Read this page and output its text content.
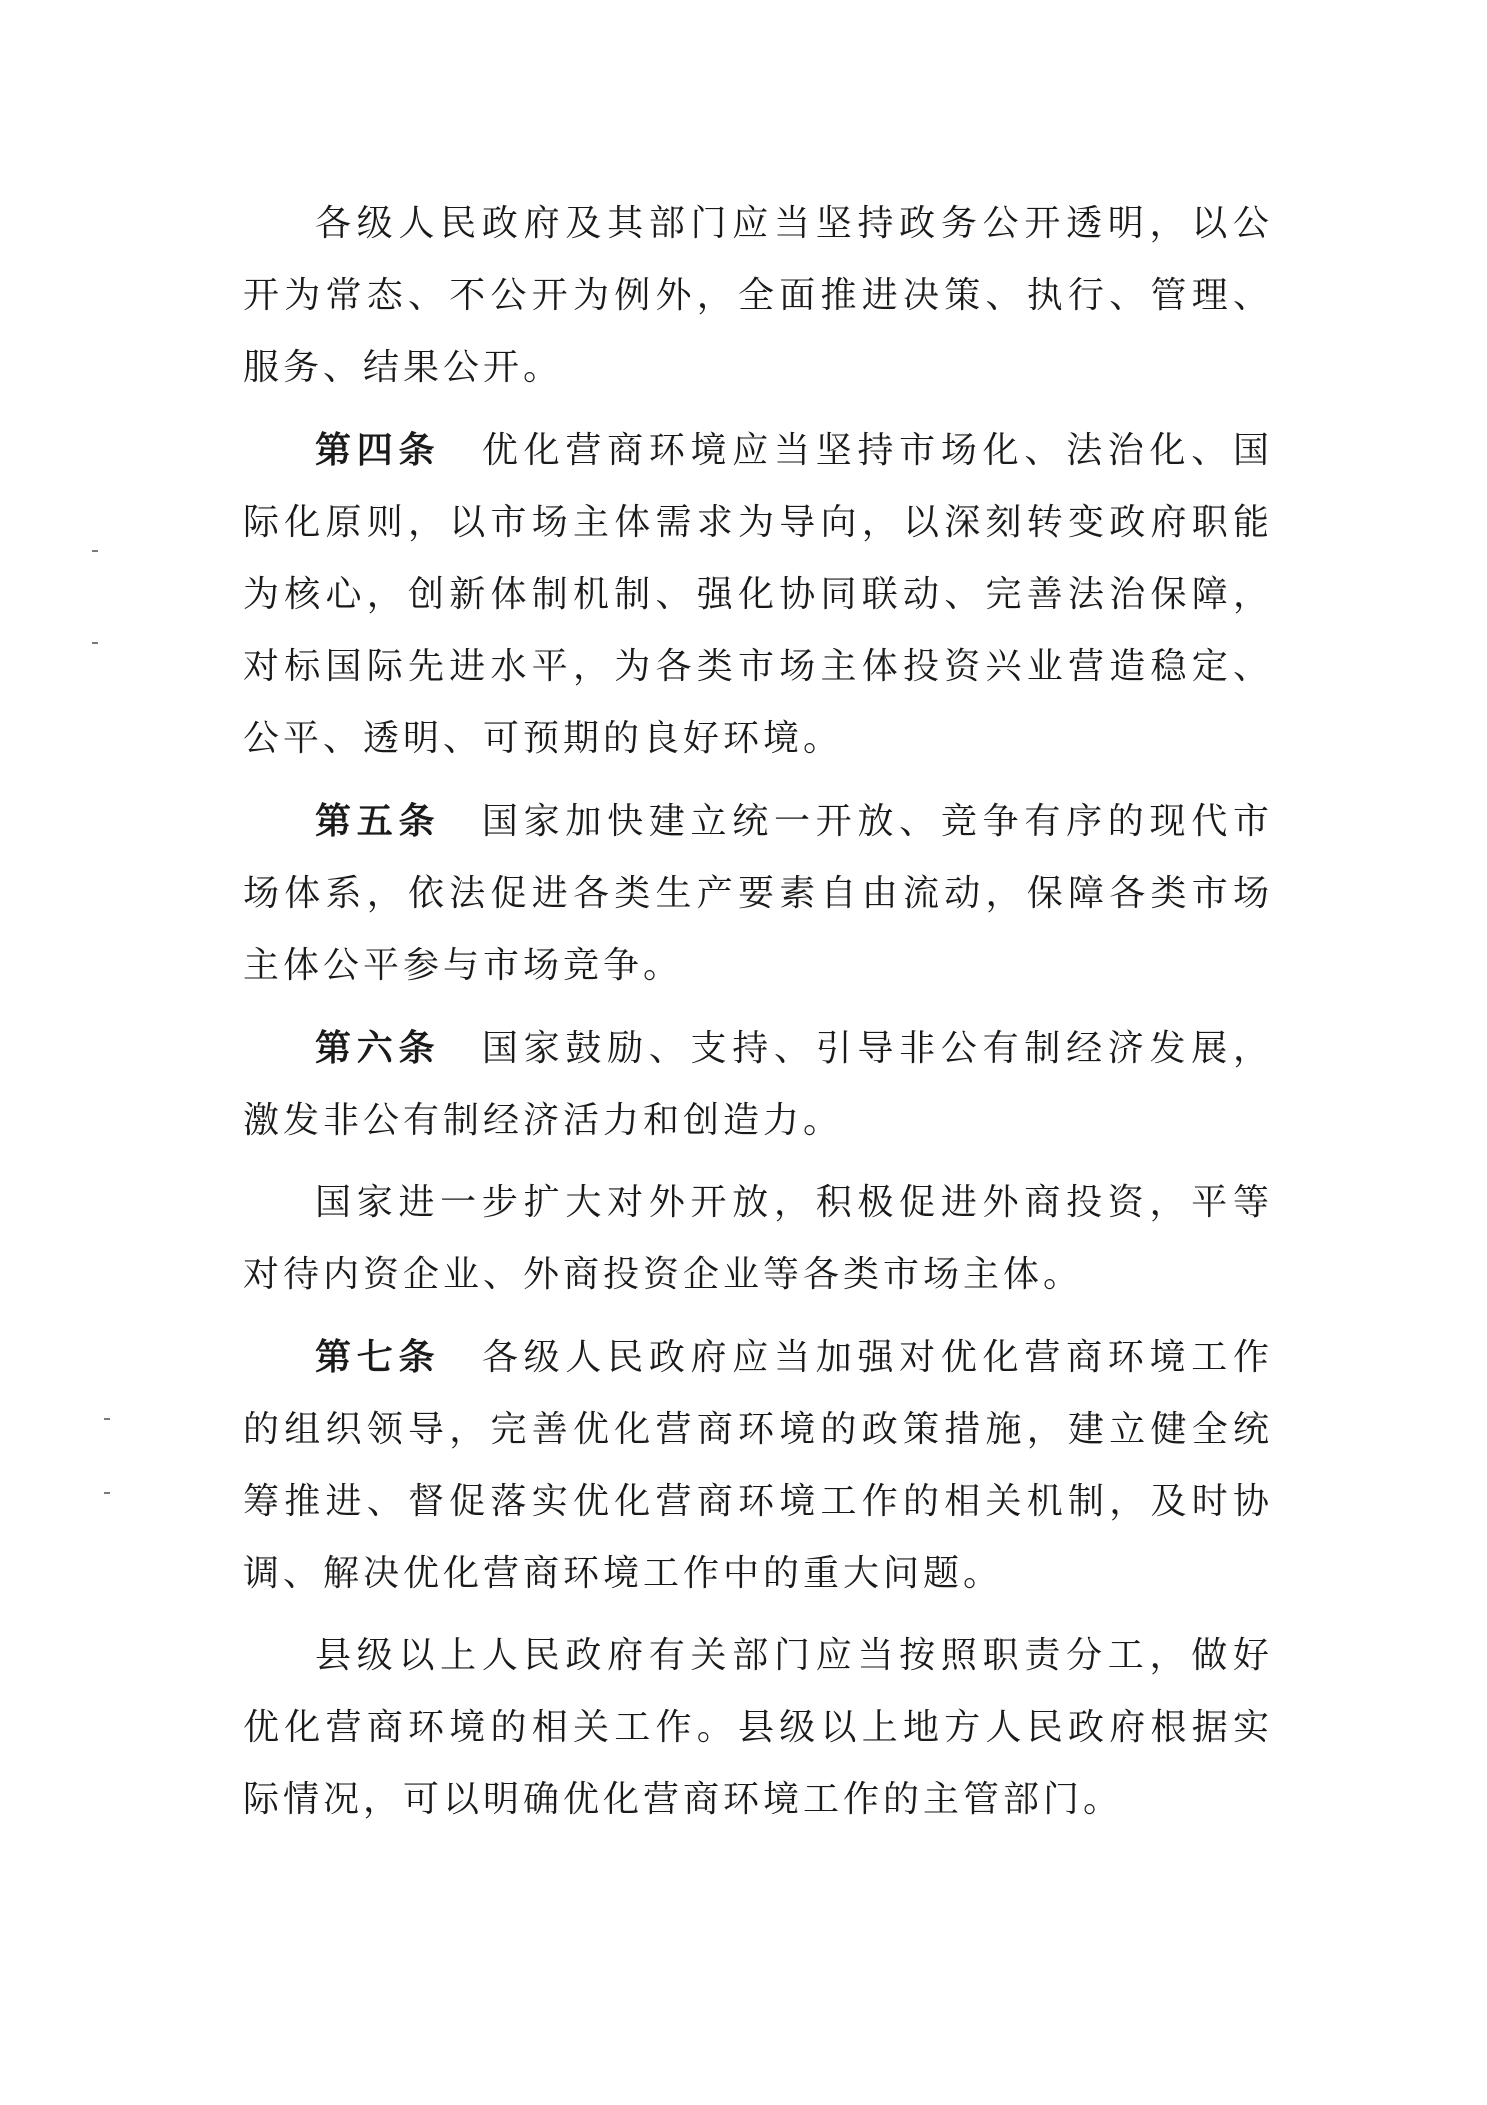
各级人民政府及其部门应当坚持政务公开透明，以公开为常态、不公开为例外，全面推进决策、执行、管理、服务、结果公开。

第四条 优化营商环境应当坚持市场化、法治化、国际化原则，以市场主体需求为导向，以深刻转变政府职能为核心，创新体制机制、强化协同联动、完善法治保障，对标国际先进水平，为各类市场主体投资兴业营造稳定、公平、透明、可预期的良好环境。

第五条 国家加快建立统一开放、竞争有序的现代市场体系，依法促进各类生产要素自由流动，保障各类市场主体公平参与市场竞争。

第六条 国家鼓励、支持、引导非公有制经济发展，激发非公有制经济活力和创造力。

国家进一步扩大对外开放，积极促进外商投资，平等对待内资企业、外商投资企业等各类市场主体。

第七条 各级人民政府应当加强对优化营商环境工作的组织领导，完善优化营商环境的政策措施，建立健全统筹推进、督促落实优化营商环境工作的相关机制，及时协调、解决优化营商环境工作中的重大问题。

县级以上人民政府有关部门应当按照职责分工，做好优化营商环境的相关工作。县级以上地方人民政府根据实际情况，可以明确优化营商环境工作的主管部门。
